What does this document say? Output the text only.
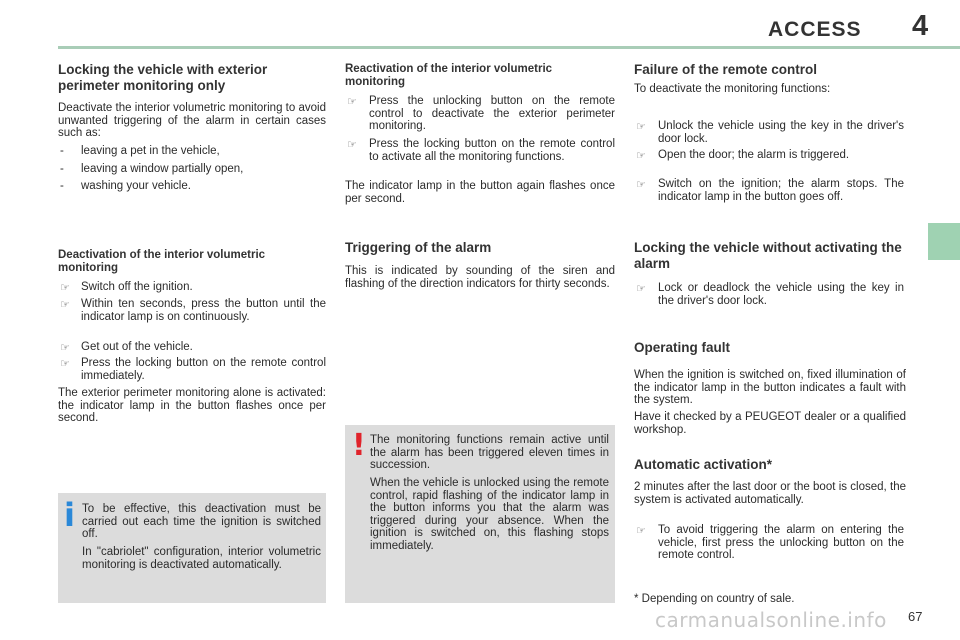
ACCESS 4
Locking the vehicle with exterior perimeter monitoring only
Deactivate the interior volumetric monitoring to avoid unwanted triggering of the alarm in certain cases such as:
- leaving a pet in the vehicle,
- leaving a window partially open,
- washing your vehicle.
Deactivation of the interior volumetric monitoring
☞ Switch off the ignition.
☞ Within ten seconds, press the button until the indicator lamp is on continuously.
☞ Get out of the vehicle.
☞ Press the locking button on the remote control immediately.
The exterior perimeter monitoring alone is activated: the indicator lamp in the button flashes once per second.
i To be effective, this deactivation must be carried out each time the ignition is switched off.
In "cabriolet" configuration, interior volumetric monitoring is deactivated automatically.
Reactivation of the interior volumetric monitoring
☞ Press the unlocking button on the remote control to deactivate the exterior perimeter monitoring.
☞ Press the locking button on the remote control to activate all the monitoring functions.
The indicator lamp in the button again flashes once per second.
Triggering of the alarm
This is indicated by sounding of the siren and flashing of the direction indicators for thirty seconds.
! The monitoring functions remain active until the alarm has been triggered eleven times in succession.
When the vehicle is unlocked using the remote control, rapid flashing of the indicator lamp in the button informs you that the alarm was triggered during your absence. When the ignition is switched on, this flashing stops immediately.
Failure of the remote control
To deactivate the monitoring functions:
☞ Unlock the vehicle using the key in the driver's door lock.
☞ Open the door; the alarm is triggered.
☞ Switch on the ignition; the alarm stops. The indicator lamp in the button goes off.
Locking the vehicle without activating the alarm
☞ Lock or deadlock the vehicle using the key in the driver's door lock.
Operating fault
When the ignition is switched on, fixed illumination of the indicator lamp in the button indicates a fault with the system.
Have it checked by a PEUGEOT dealer or a qualified workshop.
Automatic activation*
2 minutes after the last door or the boot is closed, the system is activated automatically.
☞ To avoid triggering the alarm on entering the vehicle, first press the unlocking button on the remote control.
* Depending on country of sale.
carmanualsonline.info 67
